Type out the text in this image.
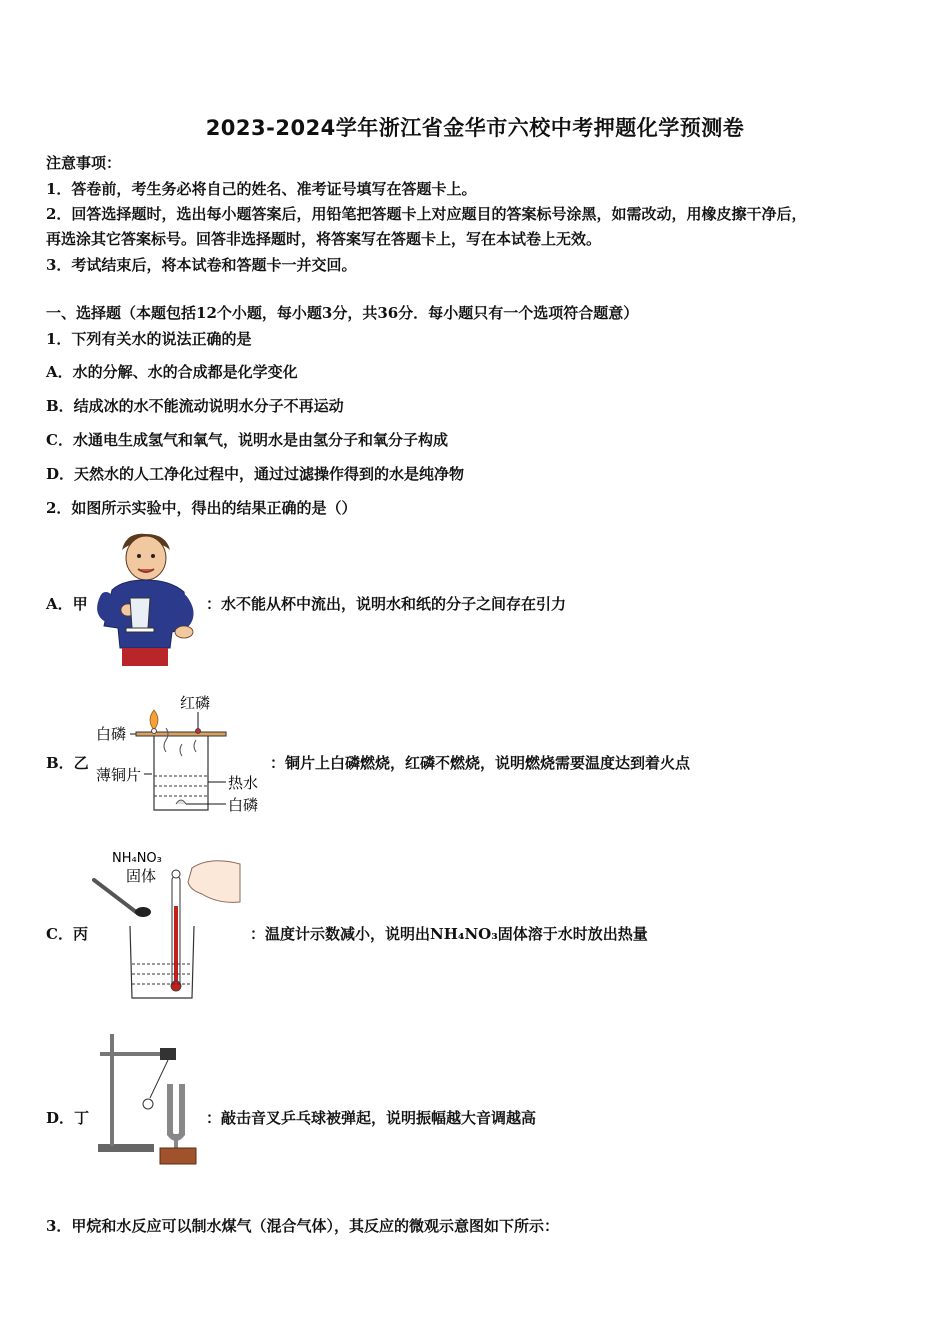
2023-2024学年浙江省金华市六校中考押题化学预测卷
注意事项：
1．答卷前，考生务必将自己的姓名、准考证号填写在答题卡上。
2．回答选择题时，选出每小题答案后，用铅笔把答题卡上对应题目的答案标号涂黑，如需改动，用橡皮擦干净后，
再选涂其它答案标号。回答非选择题时，将答案写在答题卡上，写在本试卷上无效。
3．考试结束后，将本试卷和答题卡一并交回。
一、选择题（本题包括12个小题，每小题3分，共36分．每小题只有一个选项符合题意）
1．下列有关水的说法正确的是
A．水的分解、水的合成都是化学变化
B．结成冰的水不能流动说明水分子不再运动
C．水通电生成氢气和氧气，说明水是由氢分子和氧分子构成
D．天然水的人工净化过程中，通过过滤操作得到的水是纯净物
2．如图所示实验中，得出的结果正确的是（）
A．甲	：水不能从杯中流出，说明水和纸的分子之间存在引力
B．乙
红磷
白磷
薄铜片	热水
白磷
：铜片上白磷燃烧，红磷不燃烧，说明燃烧需要温度达到着火点
C．丙
NH₄NO₃
固体
：温度计示数减小，说明出NH₄NO₃固体溶于水时放出热量
D．丁	：敲击音叉乒乓球被弹起，说明振幅越大音调越高
3．甲烷和水反应可以制水煤气（混合气体），其反应的微观示意图如下所示：
